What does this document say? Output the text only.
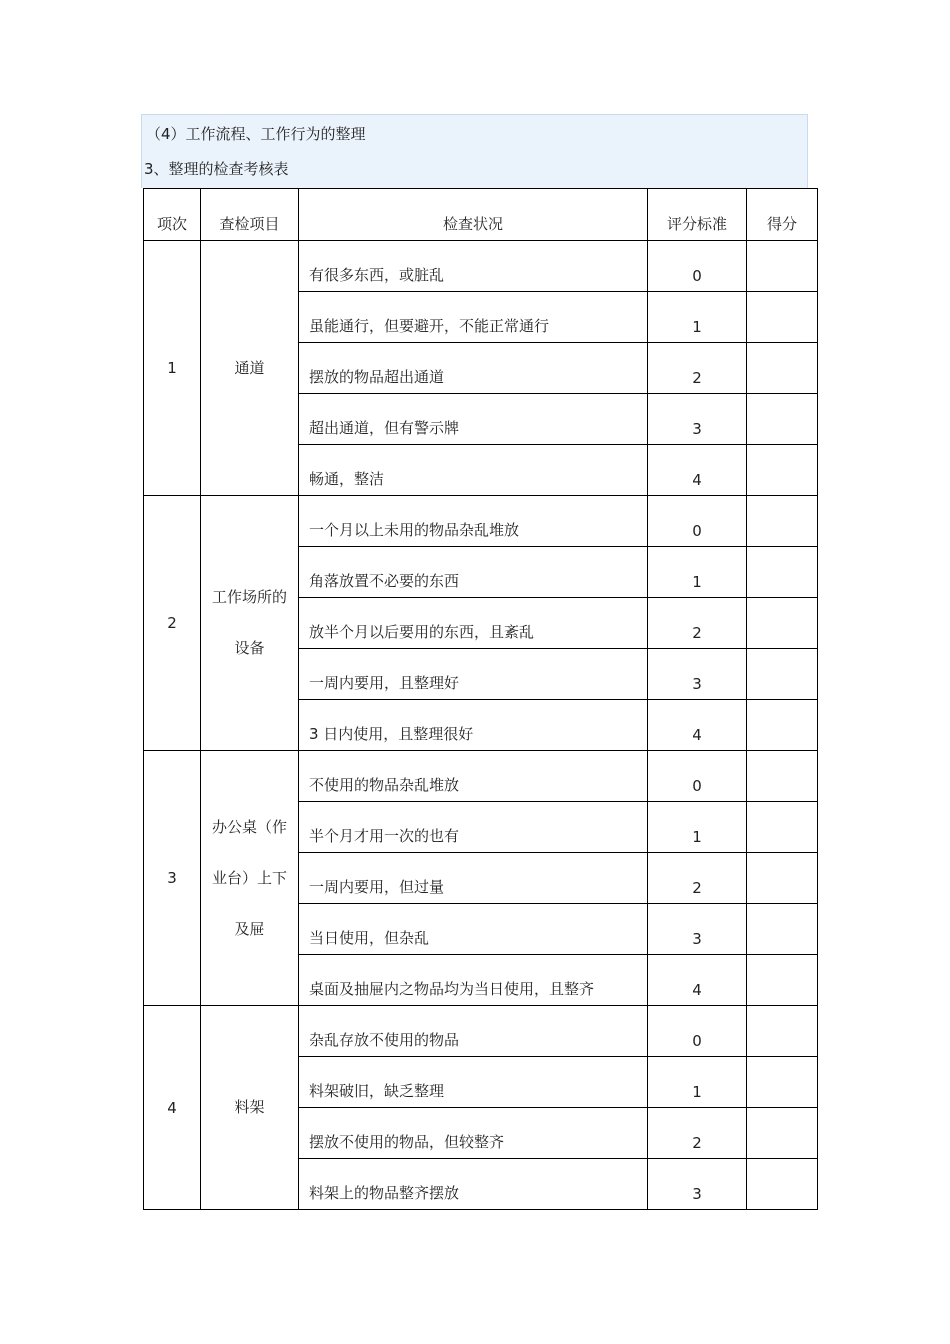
（4）工作流程、工作行为的整理
3、整理的检查考核表
项次	查检项目	检查状况	评分标准	得分
1	通道	有很多东西，或脏乱	0	
		虽能通行，但要避开，不能正常通行	1	
		摆放的物品超出通道	2	
		超出通道，但有警示牌	3	
		畅通，整洁	4	
2	工作场所的设备	一个月以上未用的物品杂乱堆放	0	
		角落放置不必要的东西	1	
		放半个月以后要用的东西，且紊乱	2	
		一周内要用，且整理好	3	
		3 日内使用，且整理很好	4	
3	办公桌（作业台）上下及屉	不使用的物品杂乱堆放	0	
		半个月才用一次的也有	1	
		一周内要用，但过量	2	
		当日使用，但杂乱	3	
		桌面及抽屉内之物品均为当日使用，且整齐	4	
4	料架	杂乱存放不使用的物品	0	
		料架破旧，缺乏整理	1	
		摆放不使用的物品，但较整齐	2	
		料架上的物品整齐摆放	3	
